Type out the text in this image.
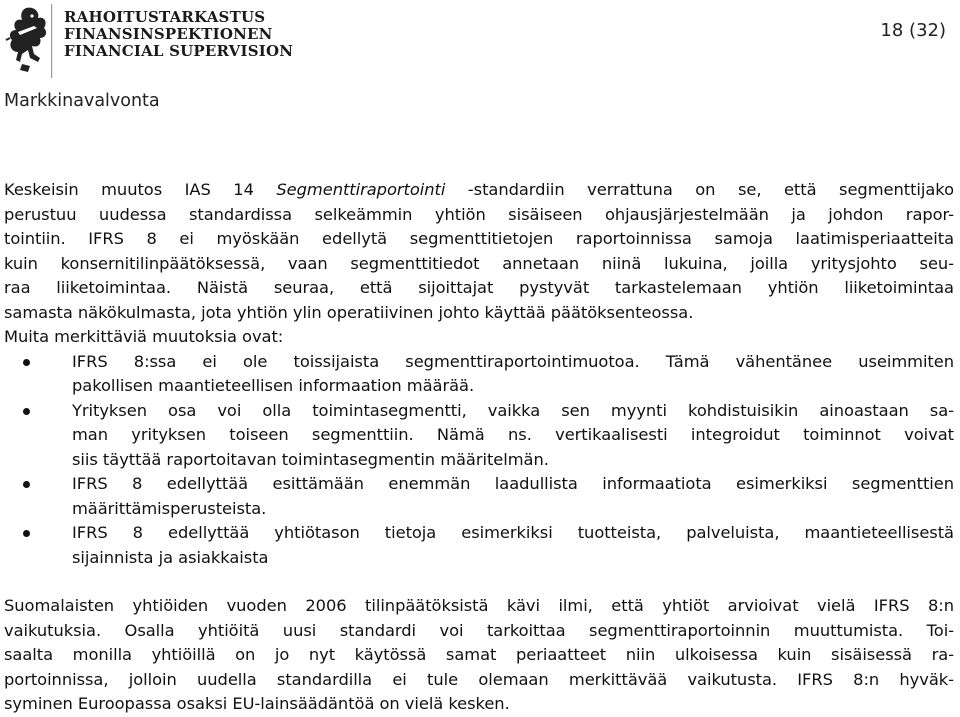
RAHOITUSTARKASTUS
FINANSINSPEKTIONEN
FINANCIAL SUPERVISION
18 (32)
Markkinavalvonta
Keskeisin muutos IAS 14 Segmenttiraportointi -standardiin verrattuna on se, että segmenttijako
perustuu uudessa standardissa selkeämmin yhtiön sisäiseen ohjausjärjestelmään ja johdon rapor-
tointiin. IFRS 8 ei myöskään edellytä segmenttitietojen raportoinnissa samoja laatimisperiaatteita
kuin konsernitilinpäätöksessä, vaan segmenttitiedot annetaan niinä lukuina, joilla yritysjohto seu-
raa liiketoimintaa. Näistä seuraa, että sijoittajat pystyvät tarkastelemaan yhtiön liiketoimintaa
samasta näkökulmasta, jota yhtiön ylin operatiivinen johto käyttää päätöksenteossa.
Muita merkittäviä muutoksia ovat:
IFRS 8:ssa ei ole toissijaista segmenttiraportointimuotoa. Tämä vähentänee useimmiten
pakollisen maantieteellisen informaation määrää.
Yrityksen osa voi olla toimintasegmentti, vaikka sen myynti kohdistuisikin ainoastaan sa-
man yrityksen toiseen segmenttiin. Nämä ns. vertikaalisesti integroidut toiminnot voivat
siis täyttää raportoitavan toimintasegmentin määritelmän.
IFRS 8 edellyttää esittämään enemmän laadullista informaatiota esimerkiksi segmenttien
määrittämisperusteista.
IFRS 8 edellyttää yhtiötason tietoja esimerkiksi tuotteista, palveluista, maantieteellisestä
sijainnista ja asiakkaista
Suomalaisten yhtiöiden vuoden 2006 tilinpäätöksistä kävi ilmi, että yhtiöt arvioivat vielä IFRS 8:n
vaikutuksia. Osalla yhtiöitä uusi standardi voi tarkoittaa segmenttiraportoinnin muuttumista. Toi-
saalta monilla yhtiöillä on jo nyt käytössä samat periaatteet niin ulkoisessa kuin sisäisessä ra-
portoinnissa, jolloin uudella standardilla ei tule olemaan merkittävää vaikutusta. IFRS 8:n hyväk-
syminen Euroopassa osaksi EU-lainsäädäntöä on vielä kesken.
